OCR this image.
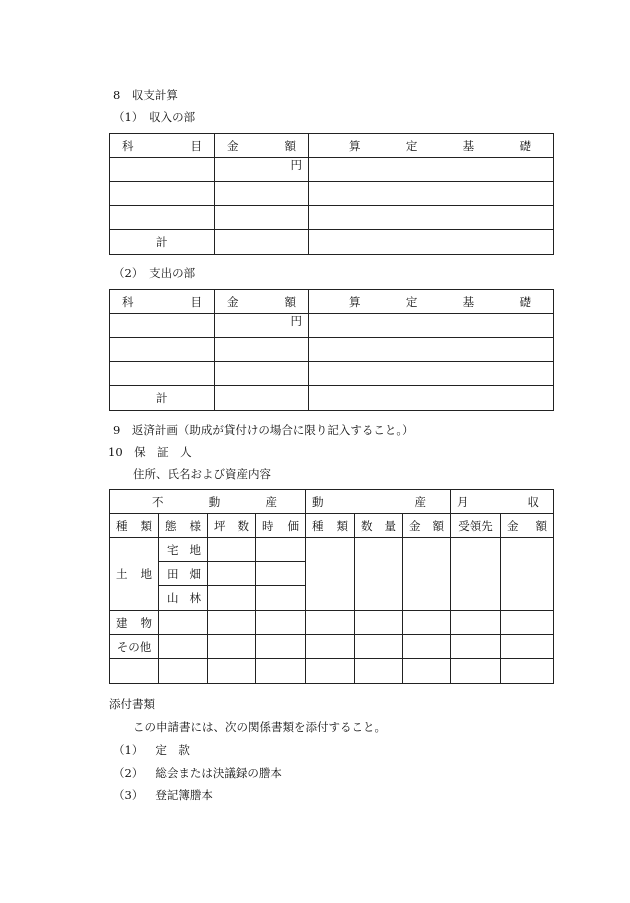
8　収支計算
（1）　収入の部
科 目	金 額	算 定 基 礎

	円	

計		
（2）　支出の部
科 目	金 額	算 定 基 礎

	円	

計		
9　返済計画（助成が貸付けの場合に限り記入すること。）
10　保　証　人
住所、氏名および資産内容
不 動 産				動 産			月 収	

種 類	態 様	坪 数	時 価	種 類	数 量	金 額	受領先	金 額

土 地	宅 地							

	田 畑							

	山 林							

建 物								

その他								

添付書類
この申請書には、次の関係書類を添付すること。
（1） 定　款
（2） 総会または決議録の謄本
（3） 登記簿謄本
